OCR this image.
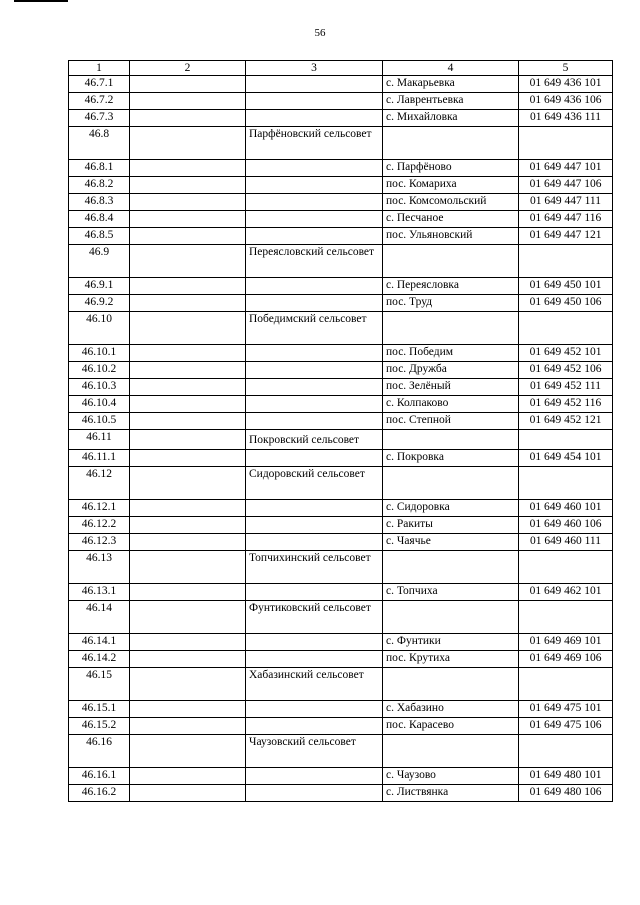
56
1	2	3	4	5
46.7.1			с. Макарьевка	01 649 436 101
46.7.2			с. Лаврентьевка	01 649 436 106
46.7.3			с. Михайловка	01 649 436 111
46.8		Парфёновский сельсовет		
46.8.1			с. Парфёново	01 649 447 101
46.8.2			пос. Комариха	01 649 447 106
46.8.3			пос. Комсомольский	01 649 447 111
46.8.4			с. Песчаное	01 649 447 116
46.8.5			пос. Ульяновский	01 649 447 121
46.9		Переясловский сельсовет		
46.9.1			с. Переясловка	01 649 450 101
46.9.2			пос. Труд	01 649 450 106
46.10		Победимский сельсовет		
46.10.1			пос. Победим	01 649 452 101
46.10.2			пос. Дружба	01 649 452 106
46.10.3			пос. Зелёный	01 649 452 111
46.10.4			с. Колпаково	01 649 452 116
46.10.5			пос. Степной	01 649 452 121
46.11		Покровский сельсовет		
46.11.1			с. Покровка	01 649 454 101
46.12		Сидоровский сельсовет		
46.12.1			с. Сидоровка	01 649 460 101
46.12.2			с. Ракиты	01 649 460 106
46.12.3			с. Чаячье	01 649 460 111
46.13		Топчихинский сельсовет		
46.13.1			с. Топчиха	01 649 462 101
46.14		Фунтиковский сельсовет		
46.14.1			с. Фунтики	01 649 469 101
46.14.2			пос. Крутиха	01 649 469 106
46.15		Хабазинский сельсовет		
46.15.1			с. Хабазино	01 649 475 101
46.15.2			пос. Карасево	01 649 475 106
46.16		Чаузовский сельсовет		
46.16.1			с. Чаузово	01 649 480 101
46.16.2			с. Листвянка	01 649 480 106
